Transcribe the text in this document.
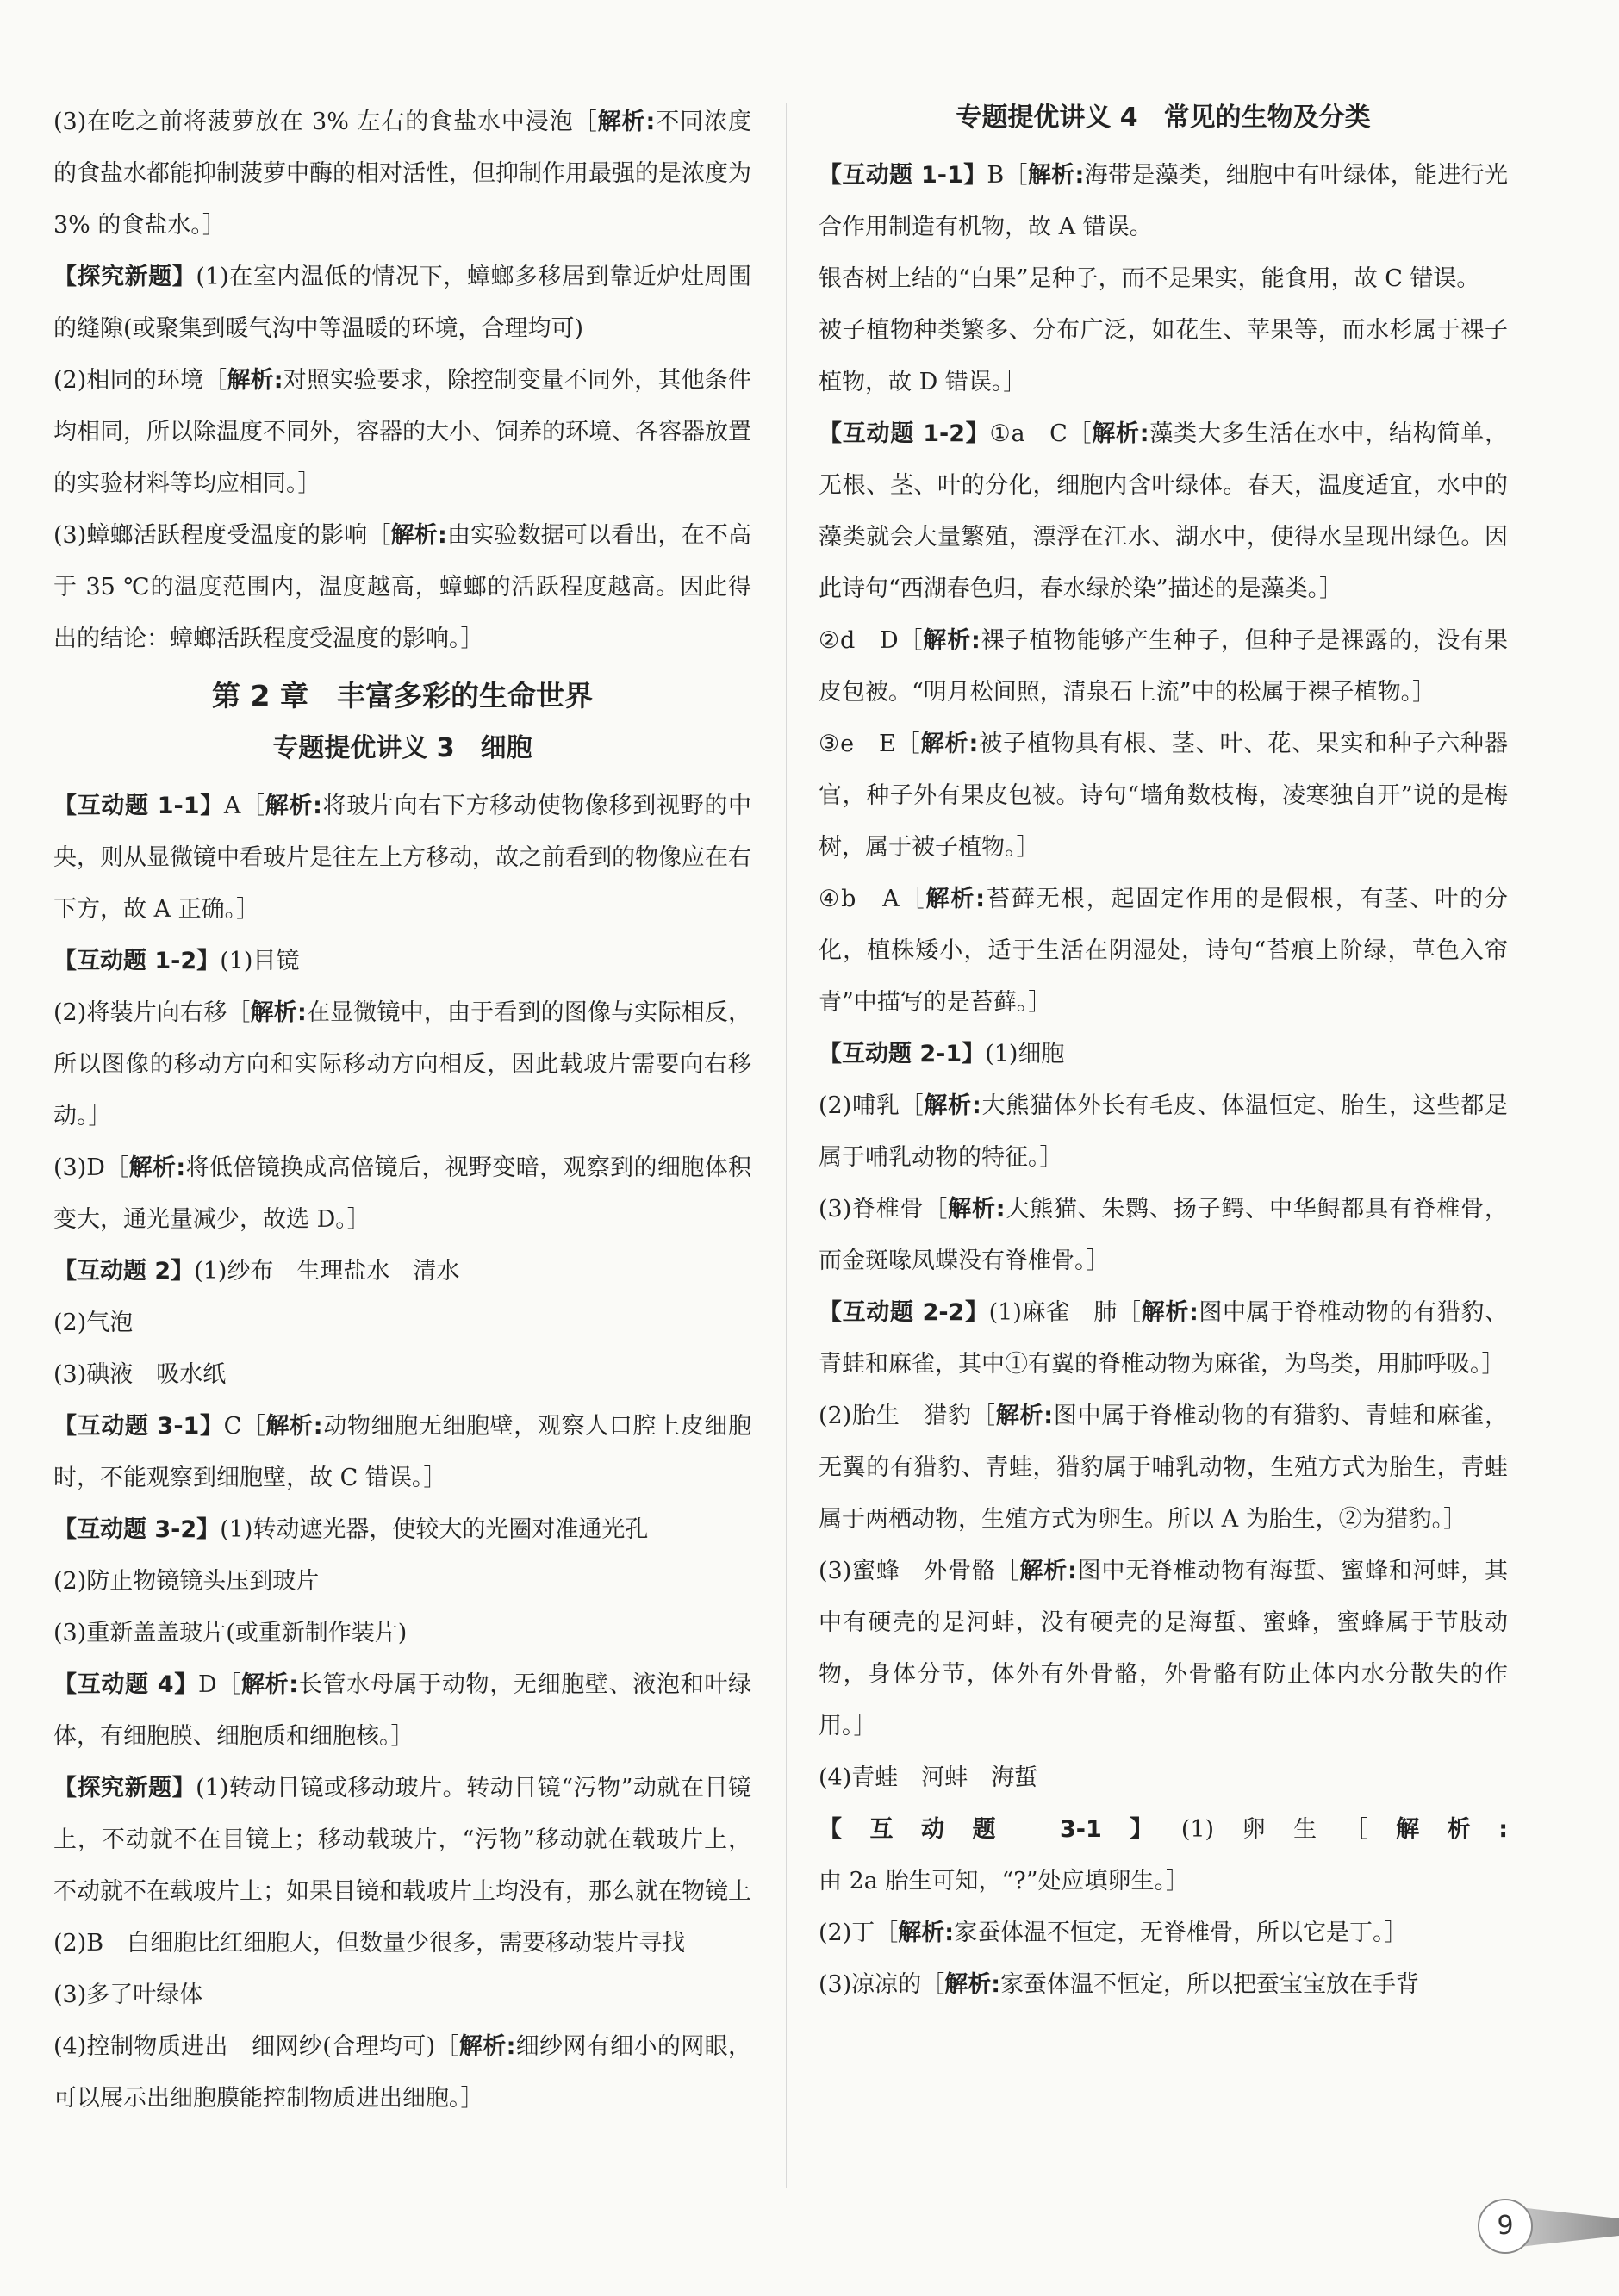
(3)在吃之前将菠萝放在 3% 左右的食盐水中浸泡［解析:不同浓度的食盐水都能抑制菠萝中酶的相对活性，但抑制作用最强的是浓度为 3% 的食盐水。］

【探究新题】(1)在室内温低的情况下，蟑螂多移居到靠近炉灶周围的缝隙(或聚集到暖气沟中等温暖的环境，合理均可)

(2)相同的环境［解析:对照实验要求，除控制变量不同外，其他条件均相同，所以除温度不同外，容器的大小、饲养的环境、各容器放置的实验材料等均应相同。］

(3)蟑螂活跃程度受温度的影响［解析:由实验数据可以看出，在不高于 35 ℃的温度范围内，温度越高，蟑螂的活跃程度越高。因此得出的结论：蟑螂活跃程度受温度的影响。］

第 2 章　丰富多彩的生命世界
专题提优讲义 3　细胞

【互动题 1-1】A［解析:将玻片向右下方移动使物像移到视野的中央，则从显微镜中看玻片是往左上方移动，故之前看到的物像应在右下方，故 A 正确。］

【互动题 1-2】(1)目镜

(2)将装片向右移［解析:在显微镜中，由于看到的图像与实际相反，所以图像的移动方向和实际移动方向相反，因此载玻片需要向右移动。］

(3)D［解析:将低倍镜换成高倍镜后，视野变暗，观察到的细胞体积变大，通光量减少，故选 D。］

【互动题 2】(1)纱布　生理盐水　清水

(2)气泡

(3)碘液　吸水纸

【互动题 3-1】C［解析:动物细胞无细胞壁，观察人口腔上皮细胞时，不能观察到细胞壁，故 C 错误。］

【互动题 3-2】(1)转动遮光器，使较大的光圈对准通光孔

(2)防止物镜镜头压到玻片

(3)重新盖盖玻片(或重新制作装片)

【互动题 4】D［解析:长管水母属于动物，无细胞壁、液泡和叶绿体，有细胞膜、细胞质和细胞核。］

【探究新题】(1)转动目镜或移动玻片。转动目镜“污物”动就在目镜上，不动就不在目镜上；移动载玻片，“污物”移动就在载玻片上，不动就不在载玻片上；如果目镜和载玻片上均没有，那么就在物镜上

(2)B　白细胞比红细胞大，但数量少很多，需要移动装片寻找

(3)多了叶绿体

(4)控制物质进出　细网纱(合理均可)［解析:细纱网有细小的网眼，可以展示出细胞膜能控制物质进出细胞。］

专题提优讲义 4　常见的生物及分类

【互动题 1-1】B［解析:海带是藻类，细胞中有叶绿体，能进行光合作用制造有机物，故 A 错误。

银杏树上结的“白果”是种子，而不是果实，能食用，故 C 错误。

被子植物种类繁多、分布广泛，如花生、苹果等，而水杉属于裸子植物，故 D 错误。］

【互动题 1-2】①a　C［解析:藻类大多生活在水中，结构简单，无根、茎、叶的分化，细胞内含叶绿体。春天，温度适宜，水中的藻类就会大量繁殖，漂浮在江水、湖水中，使得水呈现出绿色。因此诗句“西湖春色归，春水绿於染”描述的是藻类。］

②d　D［解析:裸子植物能够产生种子，但种子是裸露的，没有果皮包被。“明月松间照，清泉石上流”中的松属于裸子植物。］

③e　E［解析:被子植物具有根、茎、叶、花、果实和种子六种器官，种子外有果皮包被。诗句“墙角数枝梅，凌寒独自开”说的是梅树，属于被子植物。］

④b　A［解析:苔藓无根，起固定作用的是假根，有茎、叶的分化，植株矮小，适于生活在阴湿处，诗句“苔痕上阶绿，草色入帘青”中描写的是苔藓。］

【互动题 2-1】(1)细胞

(2)哺乳［解析:大熊猫体外长有毛皮、体温恒定、胎生，这些都是属于哺乳动物的特征。］

(3)脊椎骨［解析:大熊猫、朱鹮、扬子鳄、中华鲟都具有脊椎骨，而金斑喙凤蝶没有脊椎骨。］

【互动题 2-2】(1)麻雀　肺［解析:图中属于脊椎动物的有猎豹、青蛙和麻雀，其中①有翼的脊椎动物为麻雀，为鸟类，用肺呼吸。］

(2)胎生　猎豹［解析:图中属于脊椎动物的有猎豹、青蛙和麻雀，无翼的有猎豹、青蛙，猎豹属于哺乳动物，生殖方式为胎生，青蛙属于两栖动物，生殖方式为卵生。所以 A 为胎生，②为猎豹。］

(3)蜜蜂　外骨骼［解析:图中无脊椎动物有海蜇、蜜蜂和河蚌，其中有硬壳的是河蚌，没有硬壳的是海蜇、蜜蜂，蜜蜂属于节肢动物，身体分节，体外有外骨骼，外骨骼有防止体内水分散失的作用。］

(4)青蛙　河蚌　海蜇

【互动题 3-1】(1)卵生［解析:由 2a 胎生可知，“?”处应填卵生。］

(2)丁［解析:家蚕体温不恒定，无脊椎骨，所以它是丁。］

(3)凉凉的［解析:家蚕体温不恒定，所以把蚕宝宝放在手背

9
